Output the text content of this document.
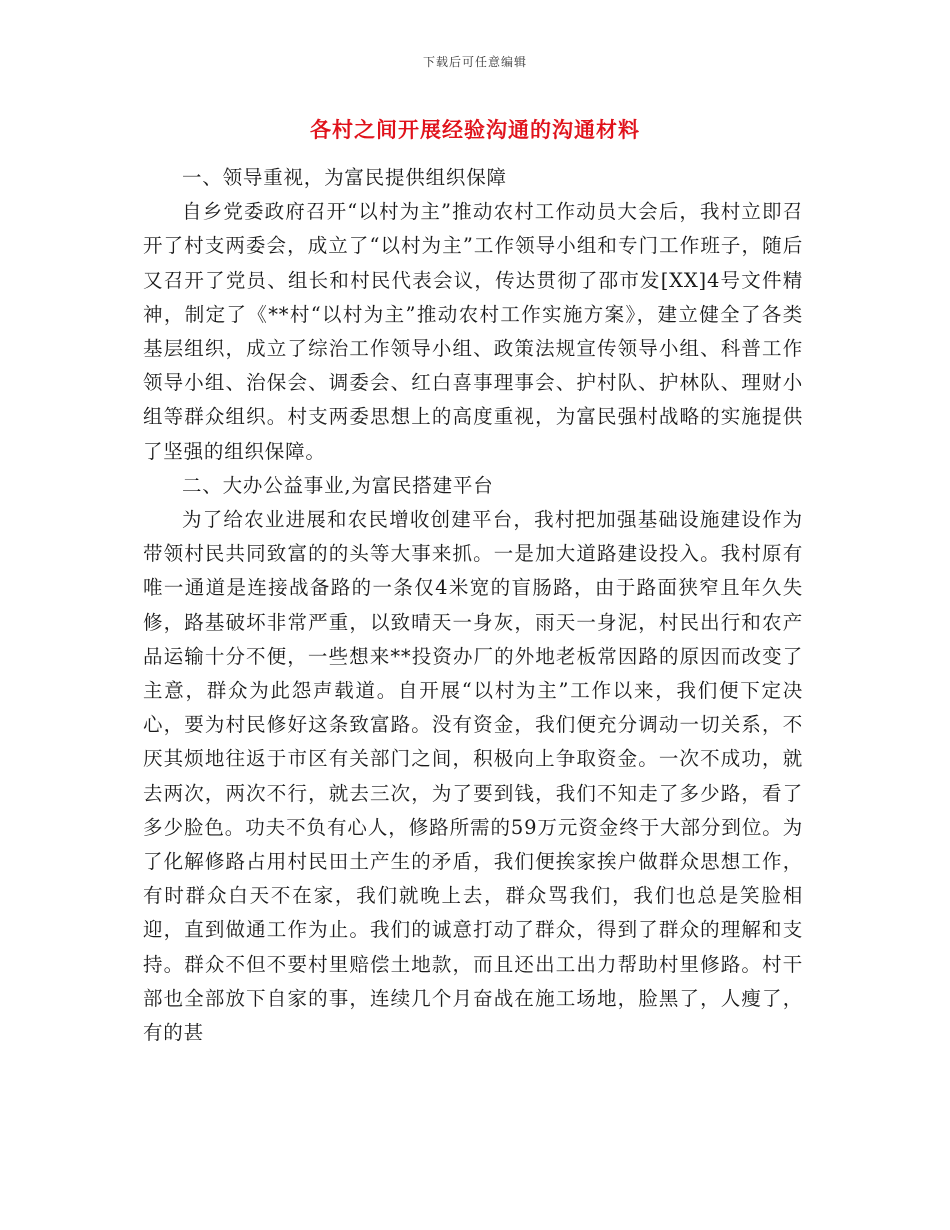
下载后可任意编辑
各村之间开展经验沟通的沟通材料

一、领导重视，为富民提供组织保障

自乡党委政府召开“以村为主”推动农村工作动员大会后，我村立即召开了村支两委会，成立了“以村为主”工作领导小组和专门工作班子，随后又召开了党员、组长和村民代表会议，传达贯彻了邵市发[XX]4号文件精神，制定了《**村“以村为主”推动农村工作实施方案》，建立健全了各类基层组织，成立了综治工作领导小组、政策法规宣传领导小组、科普工作领导小组、治保会、调委会、红白喜事理事会、护村队、护林队、理财小组等群众组织。村支两委思想上的高度重视，为富民强村战略的实施提供了坚强的组织保障。

二、大办公益事业,为富民搭建平台

为了给农业进展和农民增收创建平台，我村把加强基础设施建设作为带领村民共同致富的的头等大事来抓。一是加大道路建设投入。我村原有唯一通道是连接战备路的一条仅4米宽的盲肠路，由于路面狭窄且年久失修，路基破坏非常严重，以致晴天一身灰，雨天一身泥，村民出行和农产品运输十分不便，一些想来**投资办厂的外地老板常因路的原因而改变了主意，群众为此怨声载道。自开展“以村为主”工作以来，我们便下定决心，要为村民修好这条致富路。没有资金，我们便充分调动一切关系，不厌其烦地往返于市区有关部门之间，积极向上争取资金。一次不成功，就去两次，两次不行，就去三次，为了要到钱，我们不知走了多少路，看了多少脸色。功夫不负有心人，修路所需的59万元资金终于大部分到位。为了化解修路占用村民田土产生的矛盾，我们便挨家挨户做群众思想工作，有时群众白天不在家，我们就晚上去，群众骂我们，我们也总是笑脸相迎，直到做通工作为止。我们的诚意打动了群众，得到了群众的理解和支持。群众不但不要村里赔偿土地款，而且还出工出力帮助村里修路。村干部也全部放下自家的事，连续几个月奋战在施工场地，脸黑了，人瘦了，有的甚
